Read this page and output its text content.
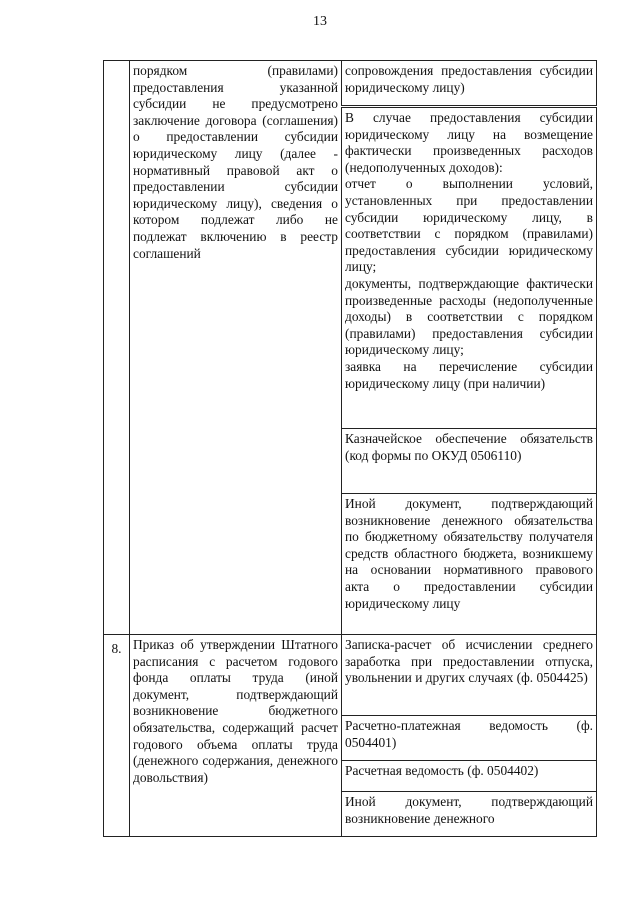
13

	порядком (правилами) предоставления указанной субсидии не предусмотрено заключение договора (соглашения) о предоставлении субсидии юридическому лицу (далее - нормативный правовой акт о предоставлении субсидии юридическому лицу), сведения о котором подлежат либо не подлежат включению в реестр соглашений	сопровождения предоставления субсидии юридическому лицу)

		В случае предоставления субсидии юридическому лицу на возмещение фактически произведенных расходов (недополученных доходов):
отчет о выполнении условий, установленных при предоставлении субсидии юридическому лицу, в соответствии с порядком (правилами) предоставления субсидии юридическому лицу;
документы, подтверждающие фактически произведенные расходы (недополученные доходы) в соответствии с порядком (правилами) предоставления субсидии юридическому лицу;
заявка на перечисление субсидии юридическому лицу (при наличии)

		Казначейское обеспечение обязательств (код формы по ОКУД 0506110)

		Иной документ, подтверждающий возникновение денежного обязательства по бюджетному обязательству получателя средств областного бюджета, возникшему на основании нормативного правового акта о предоставлении субсидии юридическому лицу

8.	Приказ об утверждении Штатного расписания с расчетом годового фонда оплаты труда (иной документ, подтверждающий возникновение бюджетного обязательства, содержащий расчет годового объема оплаты труда (денежного содержания, денежного довольствия)	Записка-расчет об исчислении среднего заработка при предоставлении отпуска, увольнении и других случаях (ф. 0504425)

		Расчетно-платежная ведомость (ф. 0504401)

		Расчетная ведомость (ф. 0504402)

		Иной документ, подтверждающий возникновение денежного
